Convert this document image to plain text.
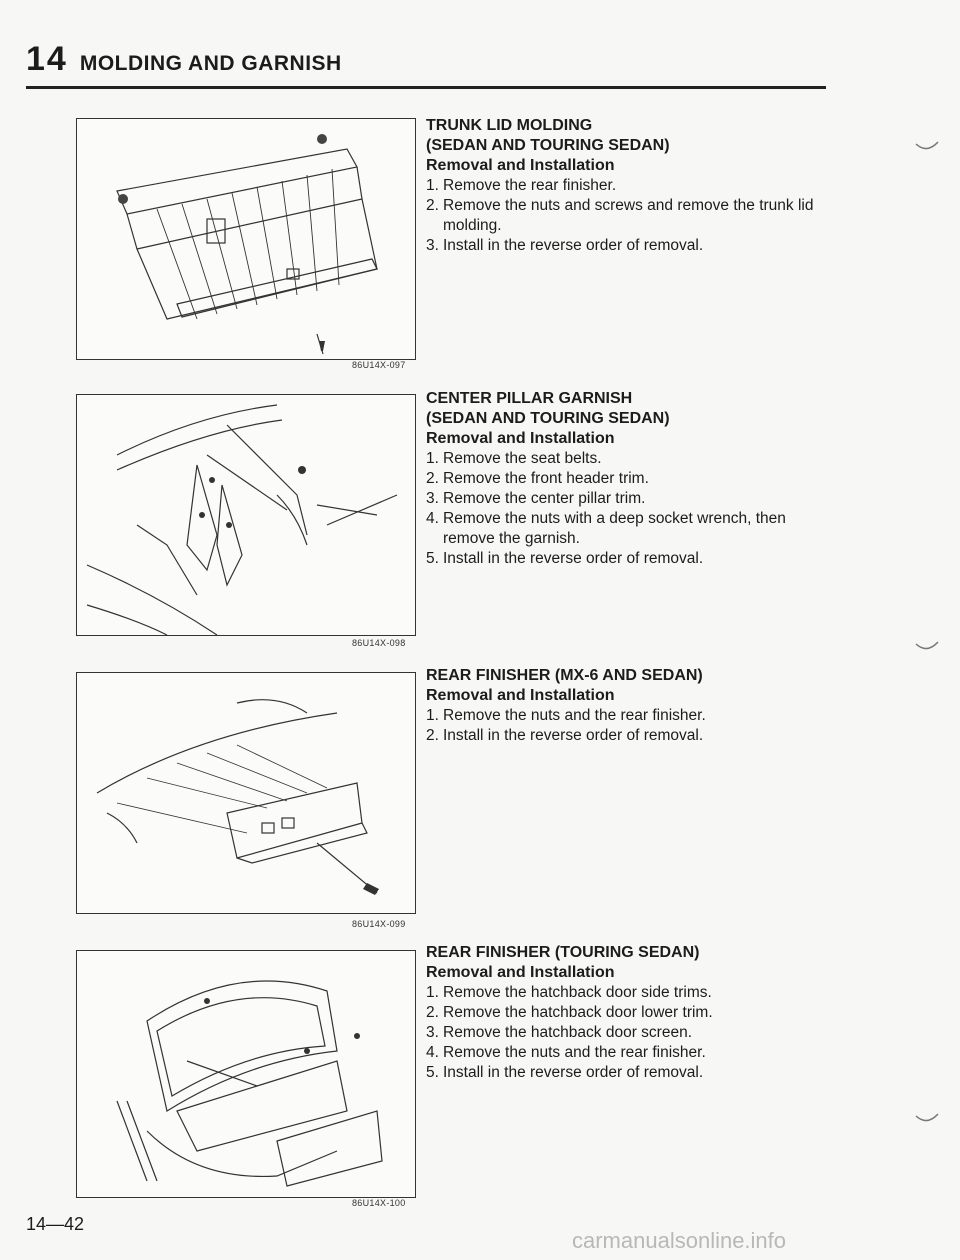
14 MOLDING AND GARNISH
86U14X-097
86U14X-098
86U14X-099
86U14X-100
TRUNK LID MOLDING
(SEDAN AND TOURING SEDAN)
Removal and Installation
1. Remove the rear finisher.
2. Remove the nuts and screws and remove the trunk lid molding.
3. Install in the reverse order of removal.
CENTER PILLAR GARNISH
(SEDAN AND TOURING SEDAN)
Removal and Installation
1. Remove the seat belts.
2. Remove the front header trim.
3. Remove the center pillar trim.
4. Remove the nuts with a deep socket wrench, then remove the garnish.
5. Install in the reverse order of removal.
REAR FINISHER (MX-6 AND SEDAN)
Removal and Installation
1. Remove the nuts and the rear finisher.
2. Install in the reverse order of removal.
REAR FINISHER (TOURING SEDAN)
Removal and Installation
1. Remove the hatchback door side trims.
2. Remove the hatchback door lower trim.
3. Remove the hatchback door screen.
4. Remove the nuts and the rear finisher.
5. Install in the reverse order of removal.
14—42
carmanualsonline.info
